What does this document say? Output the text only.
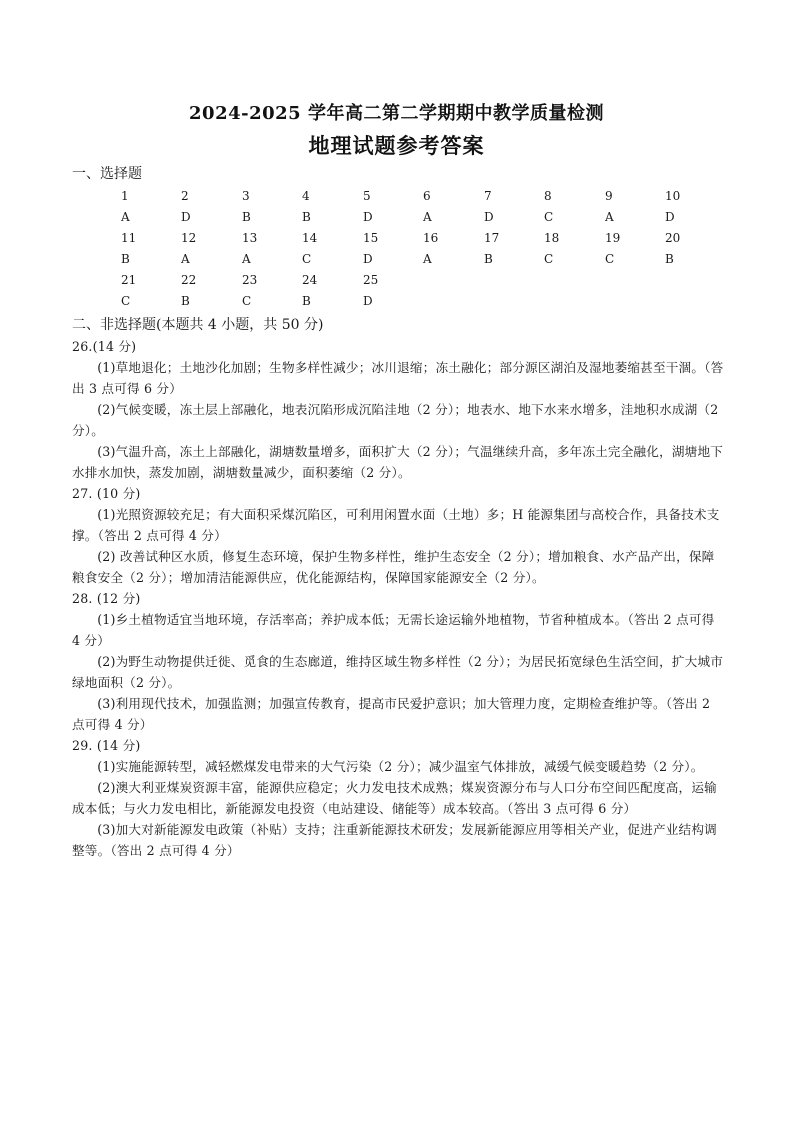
2024-2025 学年高二第二学期期中教学质量检测
地理试题参考答案
一、选择题
1	2	3	4	5	6	7	8	9	10
A	D	B	B	D	A	D	C	A	D
11	12	13	14	15	16	17	18	19	20
B	A	A	C	D	A	B	C	C	B
21	22	23	24	25
C	B	C	B	D
二、非选择题(本题共 4 小题，共 50 分)

26.(14 分)

(1)草地退化；土地沙化加剧；生物多样性减少；冰川退缩；冻土融化；部分源区湖泊及湿地萎缩甚至干涸。（答出 3 点可得 6 分）

(2)气候变暖，冻土层上部融化，地表沉陷形成沉陷洼地（2 分）；地表水、地下水来水增多，洼地积水成湖（2 分）。

(3)气温升高，冻土上部融化，湖塘数量增多，面积扩大（2 分）；气温继续升高，多年冻土完全融化，湖塘地下水排水加快，蒸发加剧，湖塘数量减少，面积萎缩（2 分）。

27. (10 分)

(1)光照资源较充足；有大面积采煤沉陷区，可利用闲置水面（土地）多；H 能源集团与高校合作，具备技术支撑。（答出 2 点可得 4 分）

(2) 改善试种区水质，修复生态环境，保护生物多样性，维护生态安全（2 分）；增加粮食、水产品产出，保障粮食安全（2 分）；增加清洁能源供应，优化能源结构，保障国家能源安全（2 分）。

28. (12 分)

(1)乡土植物适宜当地环境，存活率高；养护成本低；无需长途运输外地植物，节省种植成本。（答出 2 点可得 4 分）

(2)为野生动物提供迁徙、觅食的生态廊道，维持区域生物多样性（2 分）；为居民拓宽绿色生活空间，扩大城市绿地面积（2 分）。

(3)利用现代技术，加强监测；加强宣传教育，提高市民爱护意识；加大管理力度，定期检查维护等。（答出 2 点可得 4 分）

29. (14 分)

(1)实施能源转型，减轻燃煤发电带来的大气污染（2 分）；减少温室气体排放，减缓气候变暖趋势（2 分）。

(2)澳大利亚煤炭资源丰富，能源供应稳定；火力发电技术成熟；煤炭资源分布与人口分布空间匹配度高，运输成本低；与火力发电相比，新能源发电投资（电站建设、储能等）成本较高。（答出 3 点可得 6 分）

(3)加大对新能源发电政策（补贴）支持；注重新能源技术研发；发展新能源应用等相关产业，促进产业结构调整等。（答出 2 点可得 4 分）
